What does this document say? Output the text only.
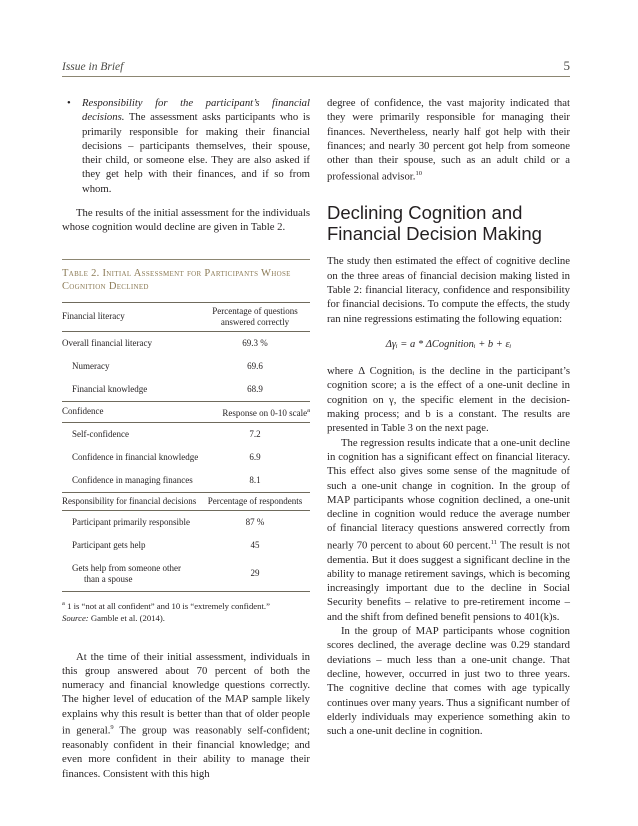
Issue in Brief	5
• Responsibility for the participant’s financial decisions. The assessment asks participants who is primarily responsible for making their financial decisions – participants themselves, their spouse, their child, or someone else. They are also asked if they get help with their finances, and if so from whom.

The results of the initial assessment for the individuals whose cognition would decline are given in Table 2.

Table 2. Initial Assessment for Participants Whose Cognition Declined
Financial literacy	Percentage of questions answered correctly
Overall financial literacy	69.3 %
Numeracy	69.6
Financial knowledge	68.9
Confidence	Response on 0-10 scale$^a$
Self-confidence	7.2
Confidence in financial knowledge	6.9
Confidence in managing finances	8.1
Responsibility for financial decisions	Percentage of respondents
Participant primarily responsible	87 %
Participant gets help	45
Gets help from someone other
than a spouse	29
$^a$ 1 is “not at all confident” and 10 is “extremely confident.”
Source: Gamble et al. (2014).

At the time of their initial assessment, individuals in this group answered about 70 percent of both the numeracy and financial knowledge questions correctly. The higher level of education of the MAP sample likely explains why this result is better than that of older people in general.$^9$ The group was reasonably self-confident; reasonably confident in their financial knowledge; and even more confident in their ability to manage their finances. Consistent with this high

degree of confidence, the vast majority indicated that they were primarily responsible for managing their finances. Nevertheless, nearly half got help with their finances; and nearly 30 percent got help from someone other than their spouse, such as an adult child or a professional advisor.$^{10}$

Declining Cognition and Financial Decision Making

The study then estimated the effect of cognitive decline on the three areas of financial decision making listed in Table 2: financial literacy, confidence and responsibility for financial decisions. To compute the effects, the study ran nine regressions estimating the following equation:

Δγᵢ = a * ΔCognitionᵢ + b + εᵢ

where Δ Cognitionᵢ is the decline in the participant’s cognition score; a is the effect of a one-unit decline in cognition on γ, the specific element in the decision-making process; and b is a constant. The results are presented in Table 3 on the next page.

The regression results indicate that a one-unit decline in cognition has a significant effect on financial literacy. This effect also gives some sense of the magnitude of such a one-unit change in cognition. In the group of MAP participants whose cognition declined, a one-unit decline in cognition would reduce the average number of financial literacy questions answered correctly from nearly 70 percent to about 60 percent.$^{11}$ The result is not dementia. But it does suggest a significant decline in the ability to manage retirement savings, which is becoming increasingly important due to the decline in Social Security benefits – relative to pre-retirement income – and the shift from defined benefit pensions to 401(k)s.

In the group of MAP participants whose cognition scores declined, the average decline was 0.29 standard deviations – much less than a one-unit change. That decline, however, occurred in just two to three years. The cognitive decline that comes with age typically continues over many years. Thus a significant number of elderly individuals may experience something akin to such a one-unit decline in cognition.
